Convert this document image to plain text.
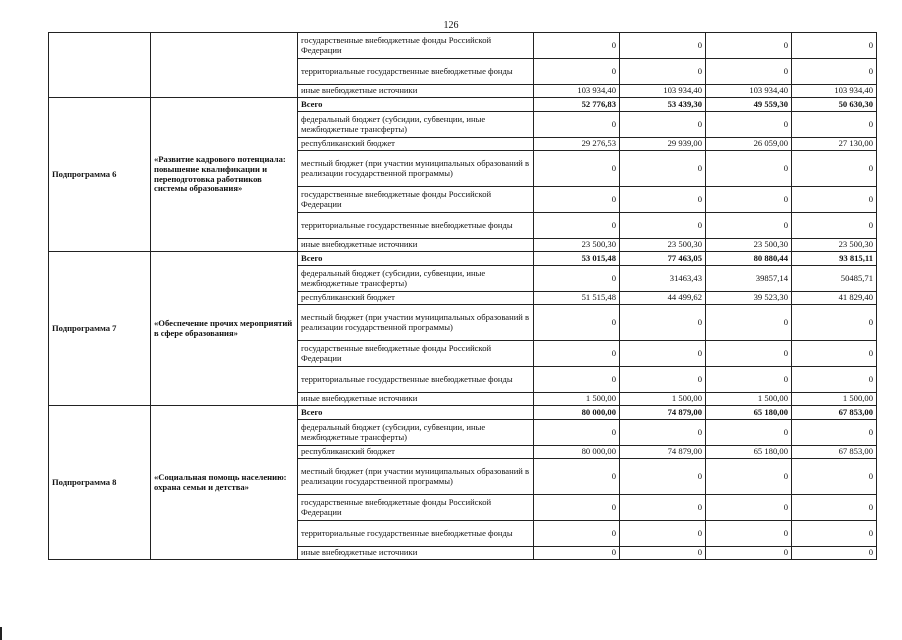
126
		государственные внебюджетные фонды Российской Федерации	0	0	0	0
		территориальные государственные внебюджетные фонды	0	0	0	0
		иные внебюджетные источники	103 934,40	103 934,40	103 934,40	103 934,40
Подпрограмма 6	«Развитие кадрового потенциала: повышение квалификации и переподготовка работников системы образования»	Всего	52 776,83	53 439,30	49 559,30	50 630,30
		федеральный бюджет (субсидии, субвенции, иные межбюджетные трансферты)	0	0	0	0
		республиканский бюджет	29 276,53	29 939,00	26 059,00	27 130,00
		местный бюджет (при участии муниципальных образований в реализации государственной программы)	0	0	0	0
		государственные внебюджетные фонды Российской Федерации	0	0	0	0
		территориальные государственные внебюджетные фонды	0	0	0	0
		иные внебюджетные источники	23 500,30	23 500,30	23 500,30	23 500,30
Подпрограмма 7	«Обеспечение прочих мероприятий в сфере образования»	Всего	53 015,48	77 463,05	80 880,44	93 815,11
		федеральный бюджет (субсидии, субвенции, иные межбюджетные трансферты)	0	31463,43	39857,14	50485,71
		республиканский бюджет	51 515,48	44 499,62	39 523,30	41 829,40
		местный бюджет (при участии муниципальных образований в реализации государственной программы)	0	0	0	0
		государственные внебюджетные фонды Российской Федерации	0	0	0	0
		территориальные государственные внебюджетные фонды	0	0	0	0
		иные внебюджетные источники	1 500,00	1 500,00	1 500,00	1 500,00
Подпрограмма 8	«Социальная помощь населению: охрана семьи и детства»	Всего	80 000,00	74 879,00	65 180,00	67 853,00
		федеральный бюджет (субсидии, субвенции, иные межбюджетные трансферты)	0	0	0	0
		республиканский бюджет	80 000,00	74 879,00	65 180,00	67 853,00
		местный бюджет (при участии муниципальных образований в реализации государственной программы)	0	0	0	0
		государственные внебюджетные фонды Российской Федерации	0	0	0	0
		территориальные государственные внебюджетные фонды	0	0	0	0
		иные внебюджетные источники	0	0	0	0
